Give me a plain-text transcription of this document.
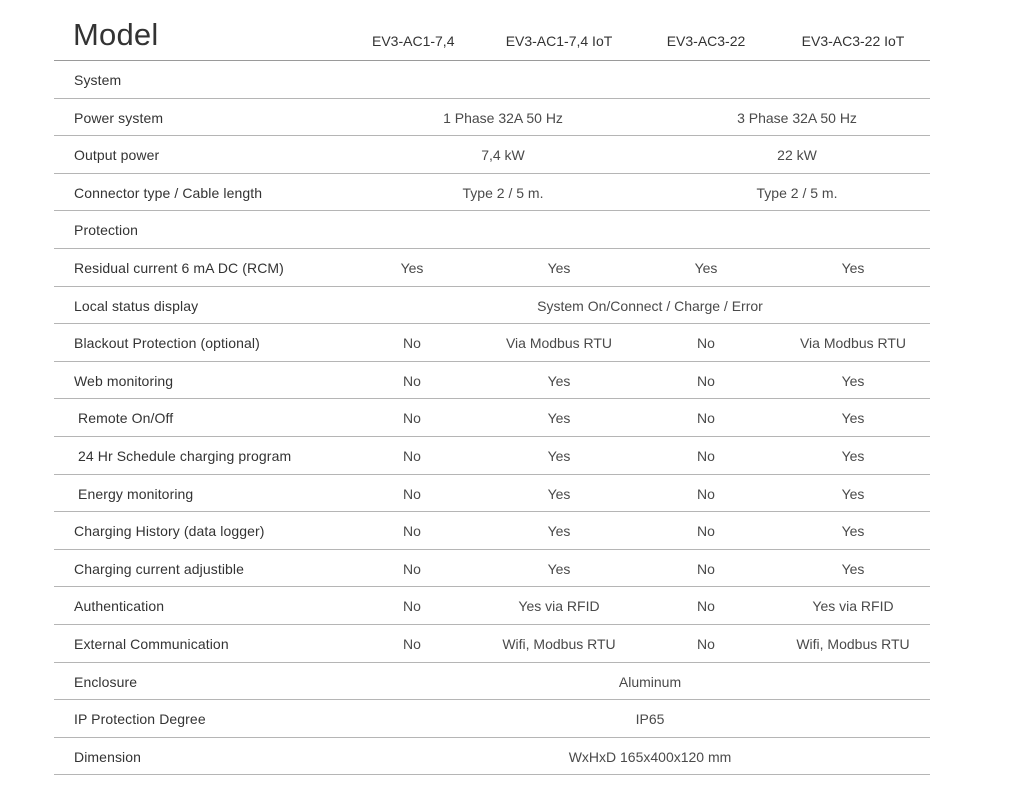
Model	EV3-AC1-7,4	EV3-AC1-7,4 IoT	EV3-AC3-22	EV3-AC3-22 IoT
System
Power system	1 Phase 32A 50 Hz	3 Phase 32A 50 Hz
Output power	7,4 kW	22 kW
Connector type / Cable length	Type 2 / 5 m.	Type 2 / 5 m.
Protection
Residual current 6 mA DC (RCM)	Yes	Yes	Yes	Yes
Local status display	System On/Connect / Charge / Error
Blackout Protection (optional)	No	Via Modbus RTU	No	Via Modbus RTU
Web monitoring	No	Yes	No	Yes
Remote On/Off	No	Yes	No	Yes
24 Hr Schedule charging program	No	Yes	No	Yes
Energy monitoring	No	Yes	No	Yes
Charging History (data logger)	No	Yes	No	Yes
Charging current adjustible	No	Yes	No	Yes
Authentication	No	Yes via RFID	No	Yes via RFID
External Communication	No	Wifi, Modbus RTU	No	Wifi, Modbus RTU
Enclosure	Aluminum
IP Protection Degree	IP65
Dimension	WxHxD 165x400x120 mm
